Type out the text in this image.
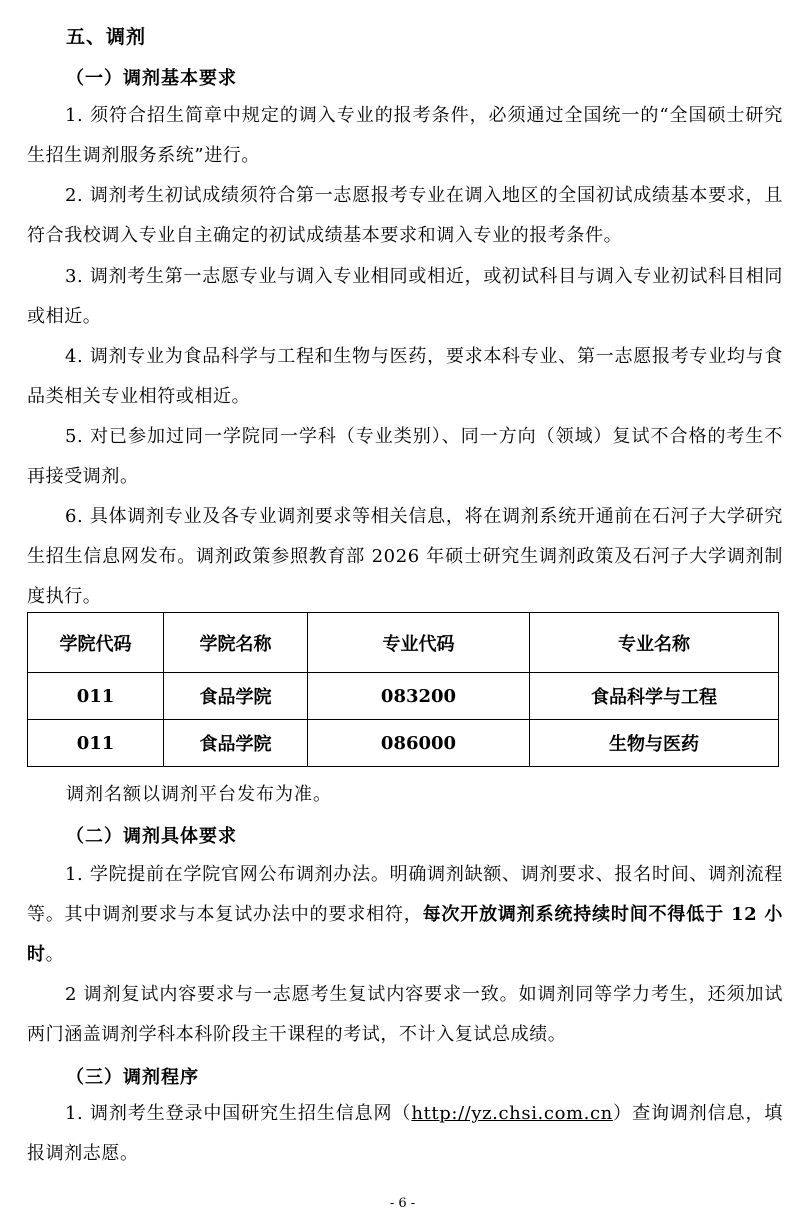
五、调剂
（一）调剂基本要求
1. 须符合招生简章中规定的调入专业的报考条件，必须通过全国统一的“全国硕士研究生招生调剂服务系统”进行。
2. 调剂考生初试成绩须符合第一志愿报考专业在调入地区的全国初试成绩基本要求，且符合我校调入专业自主确定的初试成绩基本要求和调入专业的报考条件。
3. 调剂考生第一志愿专业与调入专业相同或相近，或初试科目与调入专业初试科目相同或相近。
4. 调剂专业为食品科学与工程和生物与医药，要求本科专业、第一志愿报考专业均与食品类相关专业相符或相近。
5. 对已参加过同一学院同一学科（专业类别）、同一方向（领域）复试不合格的考生不再接受调剂。
6. 具体调剂专业及各专业调剂要求等相关信息，将在调剂系统开通前在石河子大学研究生招生信息网发布。调剂政策参照教育部 2026 年硕士研究生调剂政策及石河子大学调剂制度执行。
学院代码	学院名称	专业代码	专业名称
011	食品学院	083200	食品科学与工程
011	食品学院	086000	生物与医药
调剂名额以调剂平台发布为准。
（二）调剂具体要求
1. 学院提前在学院官网公布调剂办法。明确调剂缺额、调剂要求、报名时间、调剂流程等。其中调剂要求与本复试办法中的要求相符，每次开放调剂系统持续时间不得低于 12 小时。
2 调剂复试内容要求与一志愿考生复试内容要求一致。如调剂同等学力考生，还须加试两门涵盖调剂学科本科阶段主干课程的考试，不计入复试总成绩。
（三）调剂程序
1. 调剂考生登录中国研究生招生信息网（http://yz.chsi.com.cn）查询调剂信息，填报调剂志愿。
- 6 -
